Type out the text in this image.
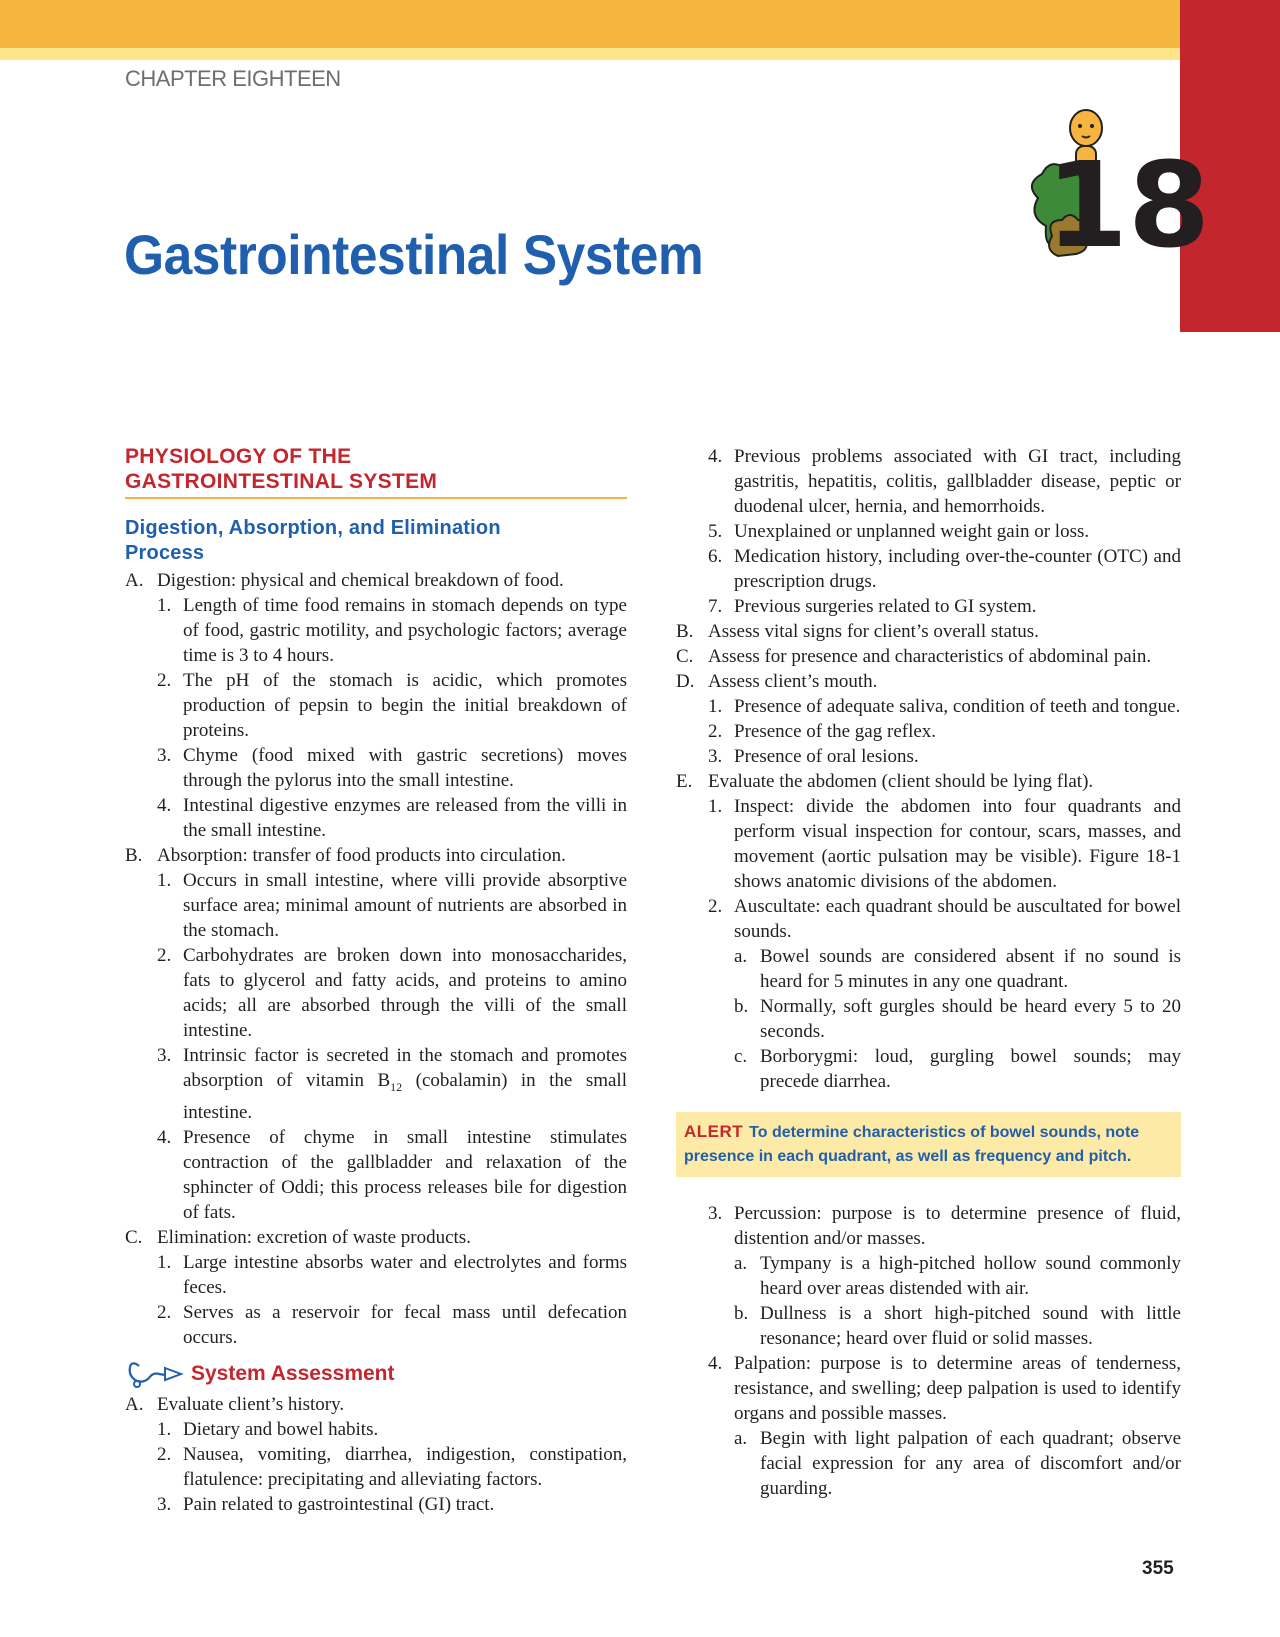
CHAPTER EIGHTEEN
18
Gastrointestinal System
PHYSIOLOGY OF THE
GASTROINTESTINAL SYSTEM
Digestion, Absorption, and Elimination
Process
A. Digestion: physical and chemical breakdown of food.
1. Length of time food remains in stomach depends on type of food, gastric motility, and psychologic factors; average time is 3 to 4 hours.
2. The pH of the stomach is acidic, which promotes production of pepsin to begin the initial breakdown of proteins.
3. Chyme (food mixed with gastric secretions) moves through the pylorus into the small intestine.
4. Intestinal digestive enzymes are released from the villi in the small intestine.
B. Absorption: transfer of food products into circulation.
1. Occurs in small intestine, where villi provide absorptive surface area; minimal amount of nutrients are absorbed in the stomach.
2. Carbohydrates are broken down into monosaccharides, fats to glycerol and fatty acids, and proteins to amino acids; all are absorbed through the villi of the small intestine.
3. Intrinsic factor is secreted in the stomach and promotes absorption of vitamin $B_{12}$ (cobalamin) in the small intestine.
4. Presence of chyme in small intestine stimulates contraction of the gallbladder and relaxation of the sphincter of Oddi; this process releases bile for digestion of fats.
C. Elimination: excretion of waste products.
1. Large intestine absorbs water and electrolytes and forms feces.
2. Serves as a reservoir for fecal mass until defecation occurs.
System Assessment
A. Evaluate client’s history.
1. Dietary and bowel habits.
2. Nausea, vomiting, diarrhea, indigestion, constipation, flatulence: precipitating and alleviating factors.
3. Pain related to gastrointestinal (GI) tract.
4. Previous problems associated with GI tract, including gastritis, hepatitis, colitis, gallbladder disease, peptic or duodenal ulcer, hernia, and hemorrhoids.
5. Unexplained or unplanned weight gain or loss.
6. Medication history, including over-the-counter (OTC) and prescription drugs.
7. Previous surgeries related to GI system.
B. Assess vital signs for client’s overall status.
C. Assess for presence and characteristics of abdominal pain.
D. Assess client’s mouth.
1. Presence of adequate saliva, condition of teeth and tongue.
2. Presence of the gag reflex.
3. Presence of oral lesions.
E. Evaluate the abdomen (client should be lying flat).
1. Inspect: divide the abdomen into four quadrants and perform visual inspection for contour, scars, masses, and movement (aortic pulsation may be visible). Figure 18-1 shows anatomic divisions of the abdomen.
2. Auscultate: each quadrant should be auscultated for bowel sounds.
a. Bowel sounds are considered absent if no sound is heard for 5 minutes in any one quadrant.
b. Normally, soft gurgles should be heard every 5 to 20 seconds.
c. Borborygmi: loud, gurgling bowel sounds; may precede diarrhea.
ALERT To determine characteristics of bowel sounds, note presence in each quadrant, as well as frequency and pitch.
3. Percussion: purpose is to determine presence of fluid, distention and/or masses.
a. Tympany is a high-pitched hollow sound commonly heard over areas distended with air.
b. Dullness is a short high-pitched sound with little resonance; heard over fluid or solid masses.
4. Palpation: purpose is to determine areas of tenderness, resistance, and swelling; deep palpation is used to identify organs and possible masses.
a. Begin with light palpation of each quadrant; observe facial expression for any area of discomfort and/or guarding.
355
